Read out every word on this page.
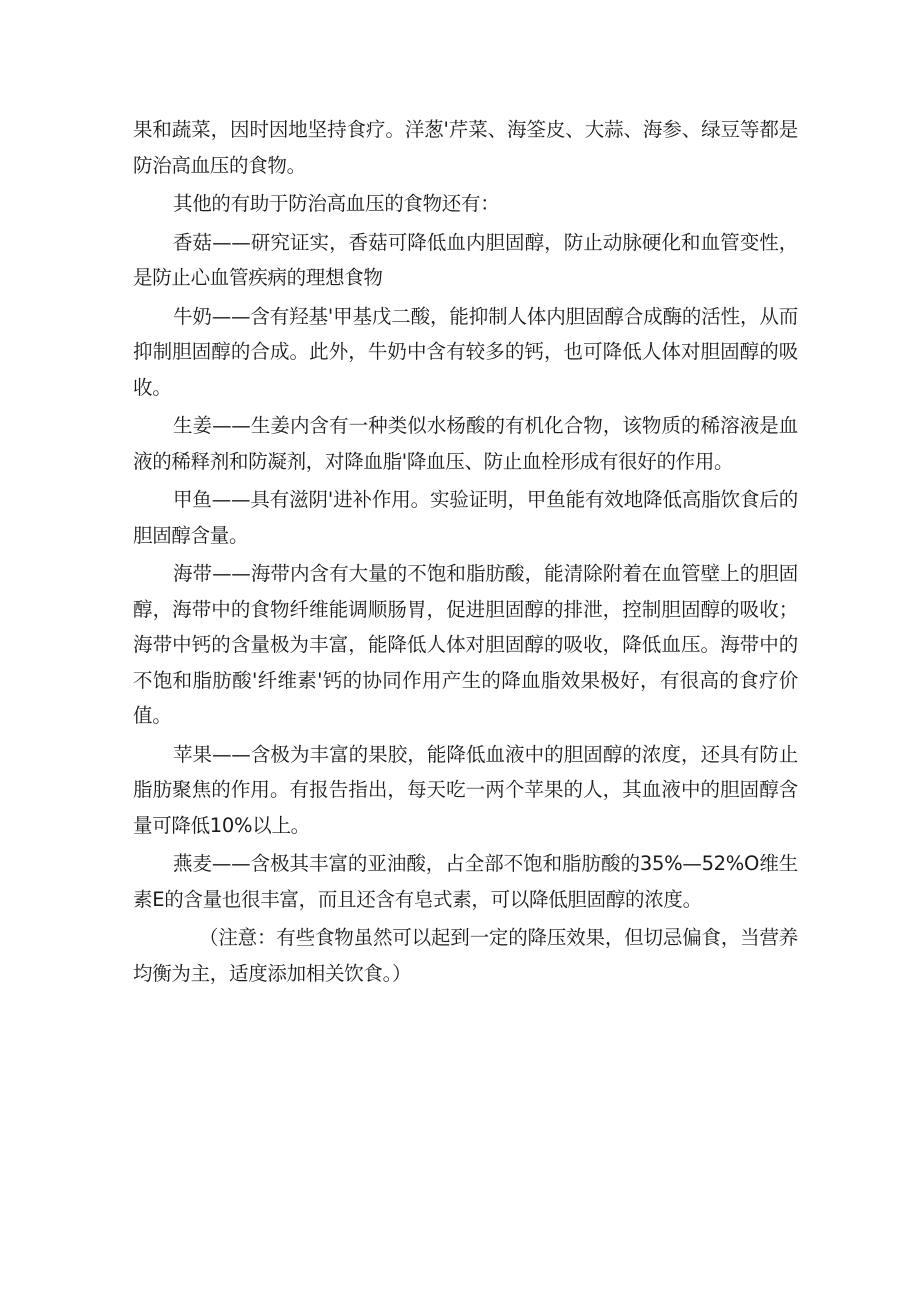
果和蔬菜，因时因地坚持食疗。洋葱'芹菜、海筌皮、大蒜、海参、绿豆等都是防治高血压的食物。

其他的有助于防治高血压的食物还有：

香菇——研究证实，香菇可降低血内胆固醇，防止动脉硬化和血管变性，是防止心血管疾病的理想食物

牛奶——含有羟基'甲基戊二酸，能抑制人体内胆固醇合成酶的活性，从而抑制胆固醇的合成。此外，牛奶中含有较多的钙，也可降低人体对胆固醇的吸收。

生姜——生姜内含有一种类似水杨酸的有机化合物，该物质的稀溶液是血液的稀释剂和防凝剂，对降血脂'降血压、防止血栓形成有很好的作用。

甲鱼——具有滋阴'进补作用。实验证明，甲鱼能有效地降低高脂饮食后的胆固醇含量。

海带——海带内含有大量的不饱和脂肪酸，能清除附着在血管壁上的胆固醇，海带中的食物纤维能调顺肠胃，促进胆固醇的排泄，控制胆固醇的吸收；海带中钙的含量极为丰富，能降低人体对胆固醇的吸收，降低血压。海带中的不饱和脂肪酸'纤维素'钙的协同作用产生的降血脂效果极好，有很高的食疗价值。

苹果——含极为丰富的果胶，能降低血液中的胆固醇的浓度，还具有防止脂肪聚焦的作用。有报告指出，每天吃一两个苹果的人，其血液中的胆固醇含量可降低10%以上。

燕麦——含极其丰富的亚油酸，占全部不饱和脂肪酸的35%—52%O维生素E的含量也很丰富，而且还含有皂式素，可以降低胆固醇的浓度。

（注意：有些食物虽然可以起到一定的降压效果，但切忌偏食，当营养均衡为主，适度添加相关饮食。）
